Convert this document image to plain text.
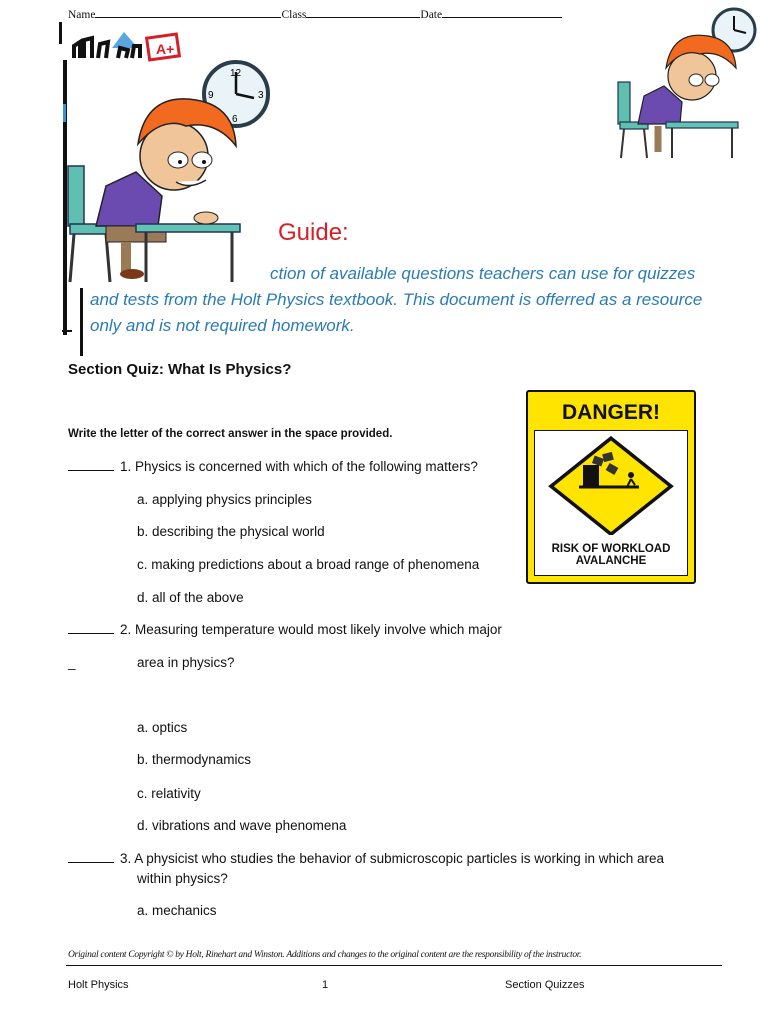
Name	Class	Date
A+
12
3
6
9
Guide:
ction of available questions teachers can use for quizzes
and tests from the Holt Physics textbook. This document is offerred as a resource
only and is not required homework.
Section Quiz: What Is Physics?
Write the letter of the correct answer in the space provided.
DANGER!
RISK OF WORKLOAD
AVALANCHE
1. Physics is concerned with which of the following matters?
a. applying physics principles
b. describing the physical world
c. making predictions about a broad range of phenomena
d. all of the above
2. Measuring temperature would most likely involve which major
_	area in physics?
a. optics
b. thermodynamics
c. relativity
d. vibrations and wave phenomena
3. A physicist who studies the behavior of submicroscopic particles is working in which area
within physics?
a. mechanics
Original content Copyright © by Holt, Rinehart and Winston. Additions and changes to the original content are the responsibility of the instructor.
Holt Physics	1	Section Quizzes
